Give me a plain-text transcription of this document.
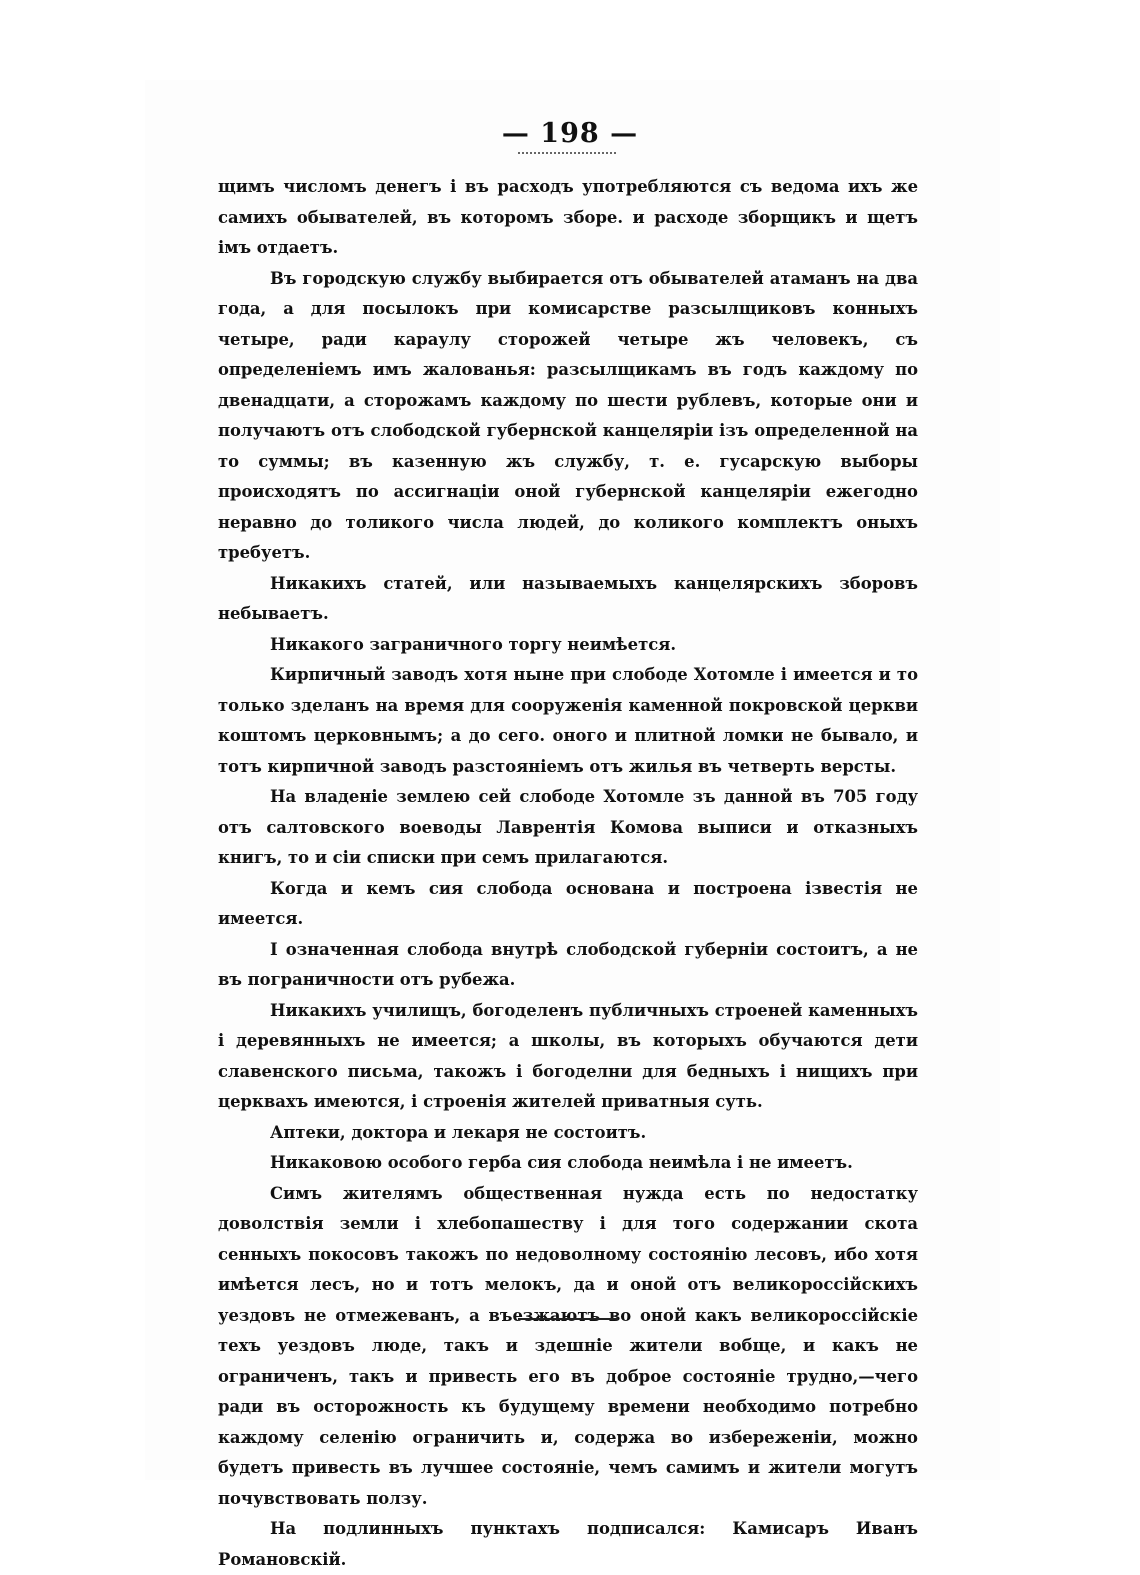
— 198 —

щимъ числомъ денегъ і въ расходъ употребляются съ ведома ихъ же самихъ обывателей, въ которомъ зборе. и расходе зборщикъ и щетъ імъ отдаетъ.

Въ городскую службу выбирается отъ обывателей атаманъ на два года, а для посылокъ при комисарстве разсылщиковъ конныхъ четыре, ради караулу сторожей четыре жъ человекъ, съ определеніемъ имъ жалованья: разсылщикамъ въ годъ каждому по двенадцати, а сторожамъ каждому по шести рублевъ, которые они и получаютъ отъ слободской губернской канцеляріи ізъ определенной на то суммы; въ казенную жъ службу, т. е. гусарскую выборы происходятъ по ассигнаціи оной губернской канцеляріи ежегодно неравно до толикого числа людей, до коликого комплектъ оныхъ требуетъ.

Никакихъ статей, или называемыхъ канцелярскихъ зборовъ небываетъ.

Никакого заграничного торгу неимѣется.

Кирпичный заводъ хотя ныне при слободе Хотомле і имеется и то только зделанъ на время для сооруженія каменной покровской церкви коштомъ церковнымъ; а до сего. оного и плитной ломки не бывало, и тотъ кирпичной заводъ разстояніемъ отъ жилья въ четверть версты.

На владеніе землею сей слободе Хотомле зъ данной въ 705 году отъ салтовского воеводы Лаврентія Комова выписи и отказныхъ книгъ, то и сіи списки при семъ прилагаются.

Когда и кемъ сия слобода основана и построена ізвестія не имеется.

І означенная слобода внутрѣ слободской губерніи состоитъ, а не въ пограничности отъ рубежа.

Никакихъ училищъ, богоделенъ публичныхъ строеней каменныхъ і деревянныхъ не имеется; а школы, въ которыхъ обучаются дети славенского письма, такожъ і богоделни для бедныхъ і нищихъ при церквахъ имеются, і строенія жителей приватныя суть.

Аптеки, доктора и лекаря не состоитъ.

Никаковою особого герба сия слобода неимѣла і не имеетъ.

Симъ жителямъ общественная нужда есть по недостатку доволствія земли і хлебопашеству і для того содержании скота сенныхъ покосовъ такожъ по недоволному состоянію лесовъ, ибо хотя имѣется лесъ, но и тотъ мелокъ, да и оной отъ великороссійскихъ уездовъ не отмежеванъ, а въезжаютъ во оной какъ великороссійскіе техъ уездовъ люде, такъ и здешніе жители вобще, и какъ не ограниченъ, такъ и привесть его въ доброе состояніе трудно,—чего ради въ осторожность къ будущему времени необходимо потребно каждому селенію ограничить и, содержа во избереженіи, можно будетъ привесть въ лучшее состояніе, чемъ самимъ и жители могутъ почувствовать ползу.

На подлинныхъ пунктахъ подписался: Камисаръ Иванъ Романовскій.
